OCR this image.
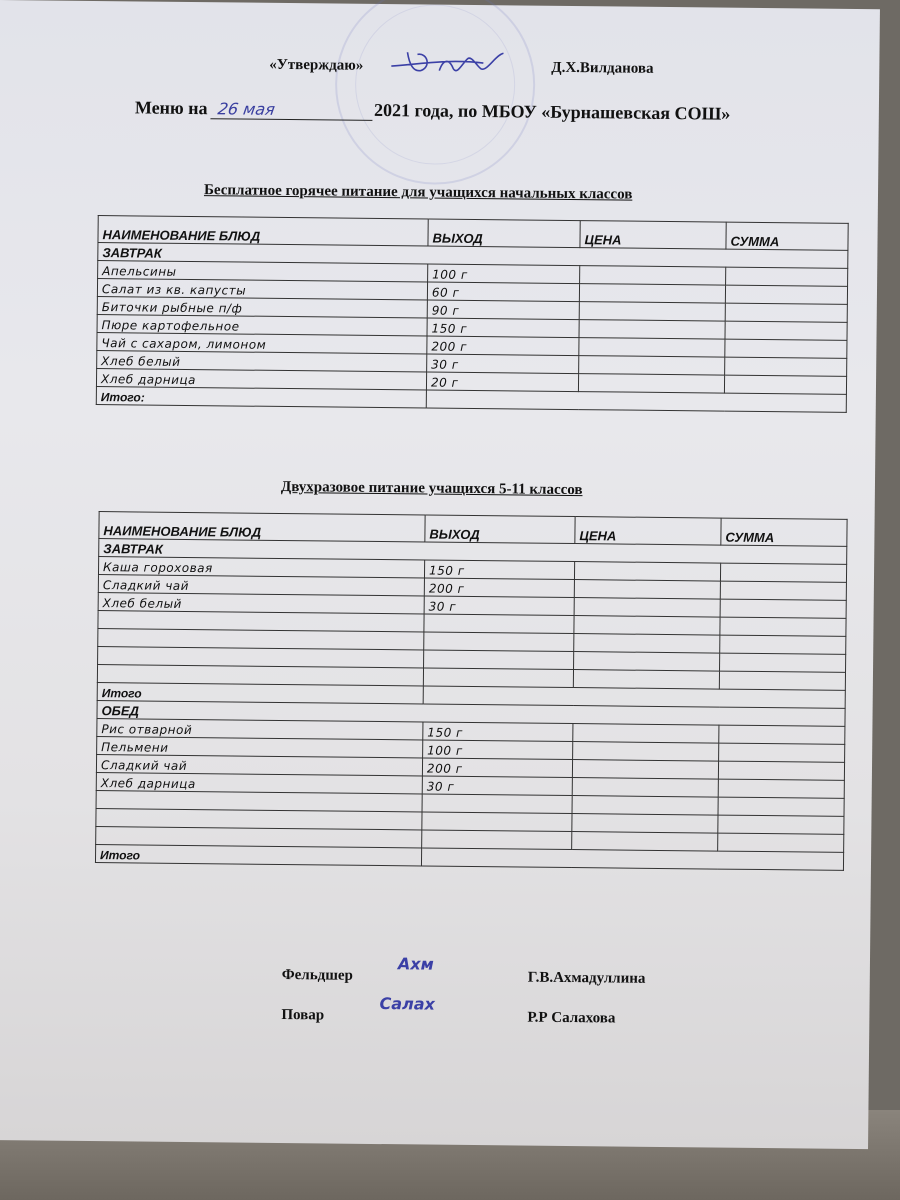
«Утверждаю»	Д.Х.Вилданова
Меню на 26 мая	2021 года, по МБОУ «Бурнашевская СОШ»
Бесплатное горячее питание для учащихся начальных классов
НАИМЕНОВАНИЕ БЛЮД	ВЫХОД	ЦЕНА	СУММА
ЗАВТРАК			
Апельсины	100 г		
Салат из кв. капусты	60 г		
Биточки рыбные п/ф	90 г		
Пюре картофельное	150 г		
Чай с сахаром, лимоном	200 г		
Хлеб белый	30 г		
Хлеб дарница	20 г		
Итого:			
Двухразовое питание учащихся 5-11 классов
НАИМЕНОВАНИЕ БЛЮД	ВЫХОД	ЦЕНА	СУММА
ЗАВТРАК			
Каша гороховая	150 г		
Сладкий чай	200 г		
Хлеб белый	30 г		

Итого			
ОБЕД			
Рис отварной	150 г		
Пельмени	100 г		
Сладкий чай	200 г		
Хлеб дарница	30 г		

Итого			
Фельдшер
Ахм
Г.В.Ахмадуллина
Повар
Салах
Р.Р Салахова
